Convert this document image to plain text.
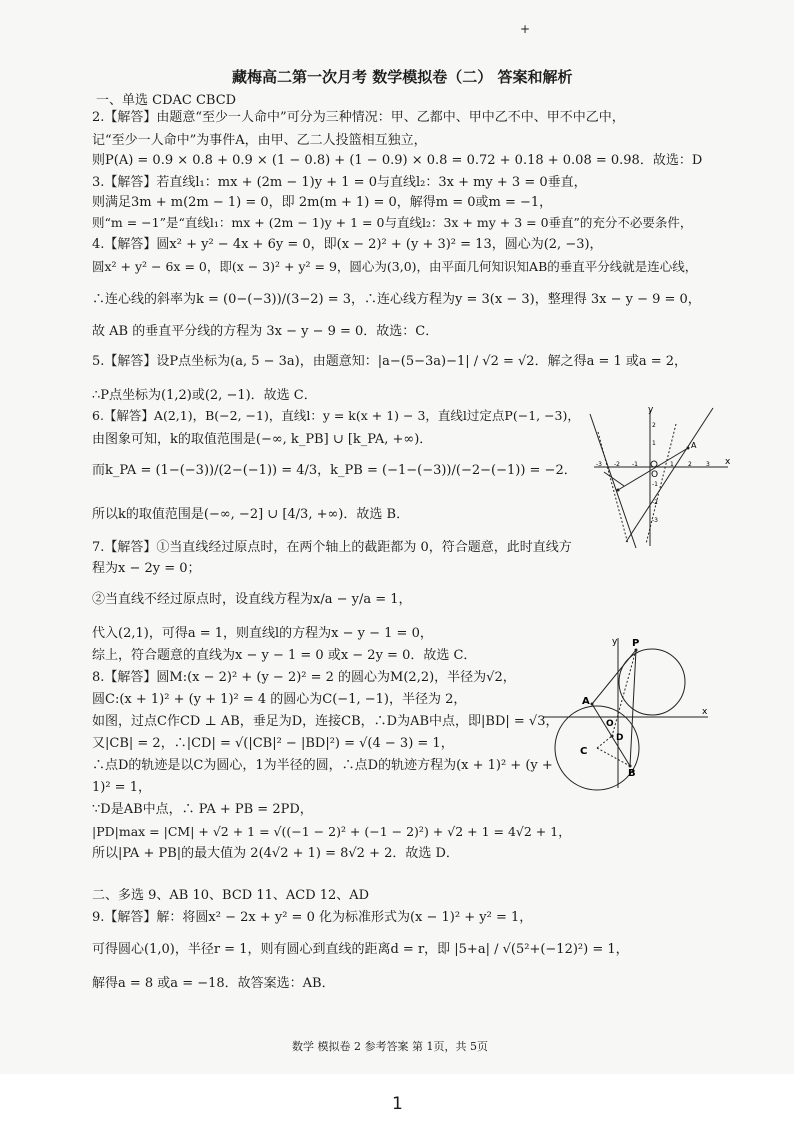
+
藏梅高二第一次月考 数学模拟卷（二） 答案和解析
一、单选 CDAC CBCD
2.【解答】由题意“至少一人命中”可分为三种情况：甲、乙都中、甲中乙不中、甲不中乙中，
记“至少一人命中”为事件A，由甲、乙二人投篮相互独立，
则P(A) = 0.9 × 0.8 + 0.9 × (1 − 0.8) + (1 − 0.9) × 0.8 = 0.72 + 0.18 + 0.08 = 0.98．故选：D
3.【解答】若直线l₁：mx + (2m − 1)y + 1 = 0与直线l₂：3x + my + 3 = 0垂直，
则满足3m + m(2m − 1) = 0，即 2m(m + 1) = 0，解得m = 0或m = −1，
则“m = −1”是“直线l₁：mx + (2m − 1)y + 1 = 0与直线l₂：3x + my + 3 = 0垂直”的充分不必要条件，
4.【解答】圆x² + y² − 4x + 6y = 0，即(x − 2)² + (y + 3)² = 13，圆心为(2, −3)，
圆x² + y² − 6x = 0，即(x − 3)² + y² = 9，圆心为(3,0)，由平面几何知识知AB的垂直平分线就是连心线，
∴连心线的斜率为k = (0−(−3))/(3−2) = 3，∴连心线方程为y = 3(x − 3)，整理得 3x − y − 9 = 0，
故 AB 的垂直平分线的方程为 3x − y − 9 = 0．故选：C．
5.【解答】设P点坐标为(a, 5 − 3a)，由题意知：|a−(5−3a)−1| / √2 = √2．解之得a = 1 或a = 2，
∴P点坐标为(1,2)或(2, −1)．故选 C．
6.【解答】A(2,1)，B(−2, −1)，直线l：y = k(x + 1) − 3，直线l过定点P(−1, −3)，
由图象可知，k的取值范围是(−∞, k_PB] ∪ [k_PA, +∞)．
而k_PA = (1−(−3))/(2−(−1)) = 4/3，k_PB = (−1−(−3))/(−2−(−1)) = −2．
所以k的取值范围是(−∞, −2] ∪ [4/3, +∞)．故选 B．
7.【解答】①当直线经过原点时，在两个轴上的截距都为 0，符合题意，此时直线方
程为x − 2y = 0；
②当直线不经过原点时，设直线方程为x/a − y/a = 1，
代入(2,1)，可得a = 1，则直线l的方程为x − y − 1 = 0，
综上，符合题意的直线为x − y − 1 = 0 或x − 2y = 0．故选 C．
8.【解答】圆M:(x − 2)² + (y − 2)² = 2 的圆心为M(2,2)，半径为√2，
圆C:(x + 1)² + (y + 1)² = 4 的圆心为C(−1, −1)，半径为 2，
如图，过点C作CD ⊥ AB，垂足为D，连接CB，∴D为AB中点，即|BD| = √3，
又|CB| = 2，∴|CD| = √(|CB|² − |BD|²) = √(4 − 3) = 1，
∴点D的轨迹是以C为圆心，1为半径的圆，∴点D的轨迹方程为(x + 1)² + (y +
1)² = 1，
∵D是AB中点，∴ PA + PB = 2PD，
|PD|max = |CM| + √2 + 1 = √((−1 − 2)² + (−1 − 2)²) + √2 + 1 = 4√2 + 1，
所以|PA + PB|的最大值为 2(4√2 + 1) = 8√2 + 2．故选 D．
二、多选 9、AB 10、BCD 11、ACD 12、AD
9.【解答】解：将圆x² − 2x + y² = 0 化为标准形式为(x − 1)² + y² = 1，
可得圆心(1,0)，半径r = 1，则有圆心到直线的距离d = r，即 |5+a| / √(5²+(−12)²) = 1，
解得a = 8 或a = −18．故答案选：AB．
y
x
O
A
-3 -2 -1	1 2 3
1
2
-1
-2
-3
y
x
P
A
O
D
C
B
数学 模拟卷 2 参考答案 第 1页，共 5页
1
